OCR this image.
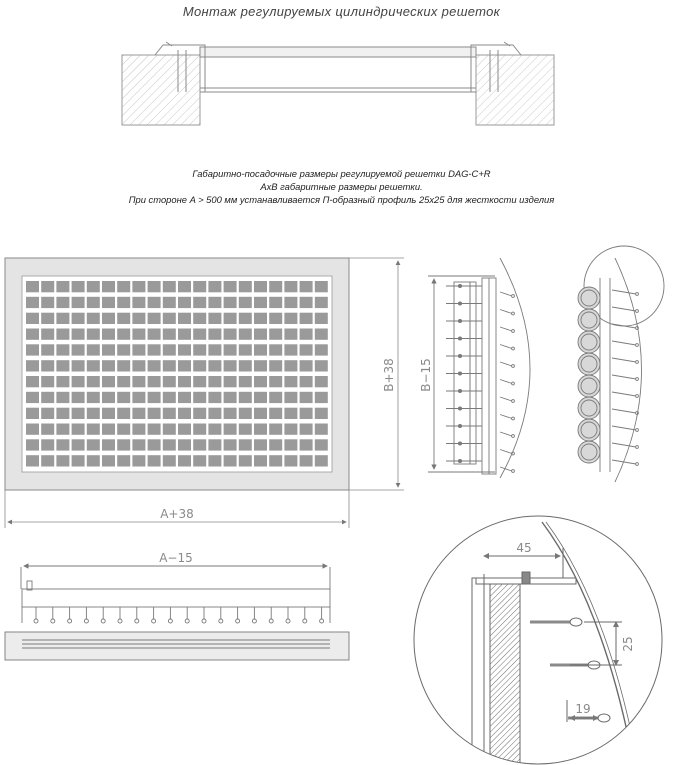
Монтаж регулируемых цилиндрических решеток
Габаритно-посадочные размеры регулируемой решетки DAG-C+R
AxB габаритные размеры решетки.
При стороне A > 500 мм устанавливается П-образный профиль 25x25 для жесткости изделия
B+38
A+38
B−15
A−15
45
25
19
